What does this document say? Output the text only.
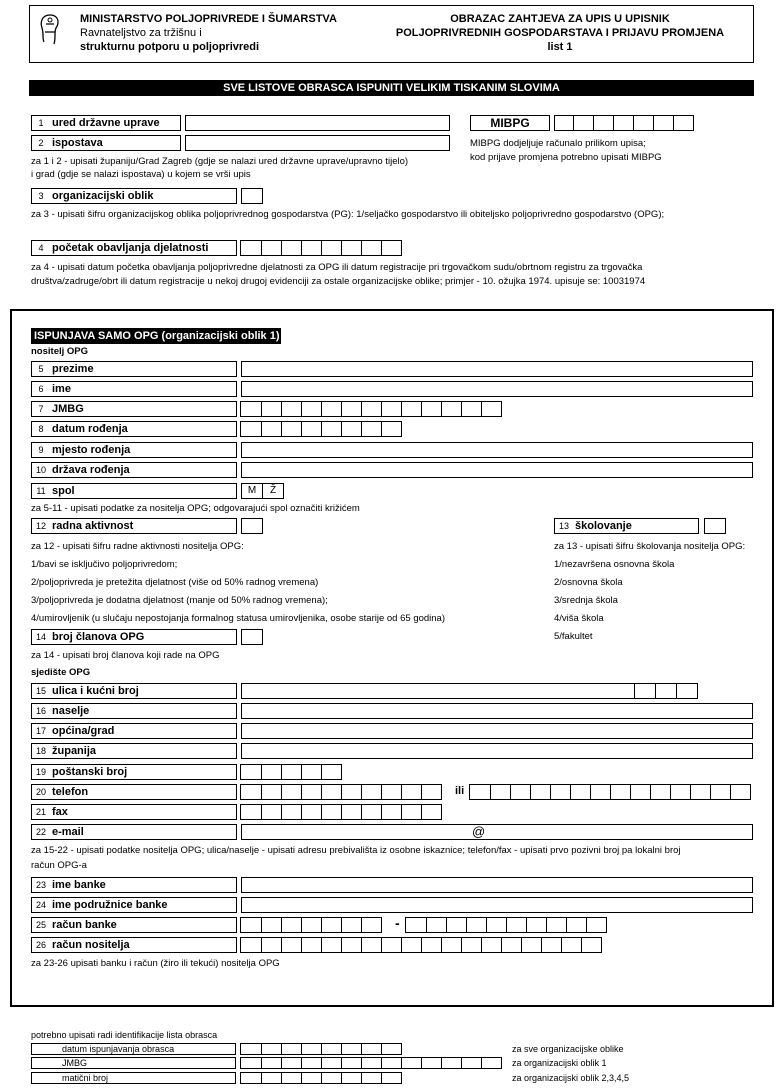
MINISTARSTVO POLJOPRIVREDE I ŠUMARSTVA
Ravnateljstvo za tržišnu i
strukturnu potporu u poljoprivredi
OBRAZAC ZAHTJEVA ZA UPIS U UPISNIK
POLJOPRIVREDNIH GOSPODARSTAVA I PRIJAVU PROMJENA
list 1
SVE LISTOVE OBRASCA ISPUNITI VELIKIM TISKANIM SLOVIMA
1 ured državne uprave
2 ispostava
MIBPG
MIBPG dodjeljuje računalo prilikom upisa;
kod prijave promjena potrebno upisati MIBPG
za 1 i 2 - upisati županiju/Grad Zagreb (gdje se nalazi ured državne uprave/upravno tijelo)
i grad (gdje se nalazi ispostava) u kojem se vrši upis
3 organizacijski oblik
za 3 - upisati šifru organizacijskog oblika poljoprivrednog gospodarstva (PG): 1/seljačko gospodarstvo ili obiteljsko poljoprivredno gospodarstvo (OPG);
4 početak obavljanja djelatnosti
za 4 - upisati datum početka obavljanja poljoprivredne djelatnosti za OPG ili datum registracije pri trgovačkom sudu/obrtnom registru za trgovačka
društva/zadruge/obrt ili datum registracije u nekoj drugoj evidenciji za ostale organizacijske oblike; primjer - 10. ožujka 1974. upisuje se: 10031974
ISPUNJAVA SAMO OPG (organizacijski oblik 1)
nositelj OPG
5 prezime
6 ime
7 JMBG
8 datum rođenja
9 mjesto rođenja
10 država rođenja
11 spol	M	Ž
za 5-11 - upisati podatke za nositelja OPG; odgovarajući spol označiti križićem
12 radna aktivnost	13 školovanje
za 12 - upisati šifru radne aktivnosti nositelja OPG:
1/bavi se isključivo poljoprivredom;
2/poljoprivreda je pretežita djelatnost (više od 50% radnog vremena)
3/poljoprivreda je dodatna djelatnost (manje od 50% radnog vremena);
4/umirovljenik (u slučaju nepostojanja formalnog statusa umirovljenika, osobe starije od 65 godina)
za 13 - upisati šifru školovanja nositelja OPG:
1/nezavršena osnovna škola
2/osnovna škola
3/srednja škola
4/viša škola
5/fakultet
14 broj članova OPG
za 14 - upisati broj članova koji rade na OPG
sjedište OPG
15 ulica i kućni broj
16 naselje
17 općina/grad
18 županija
19 poštanski broj
20 telefon	ili
21 fax
22 e-mail	@
za 15-22 - upisati podatke nositelja OPG; ulica/naselje - upisati adresu prebivališta iz osobne iskaznice; telefon/fax - upisati prvo pozivni broj pa lokalni broj
račun OPG-a
23 ime banke
24 ime podružnice banke
25 račun banke	-
26 račun nositelja
za 23-26 upisati banku i račun (žiro ili tekući) nositelja OPG
potrebno upisati radi identifikacije lista obrasca
datum ispunjavanja obrasca	za sve organizacijske oblike
JMBG	za organizacijski oblik 1
matični broj	za organizacijski oblik 2,3,4,5
